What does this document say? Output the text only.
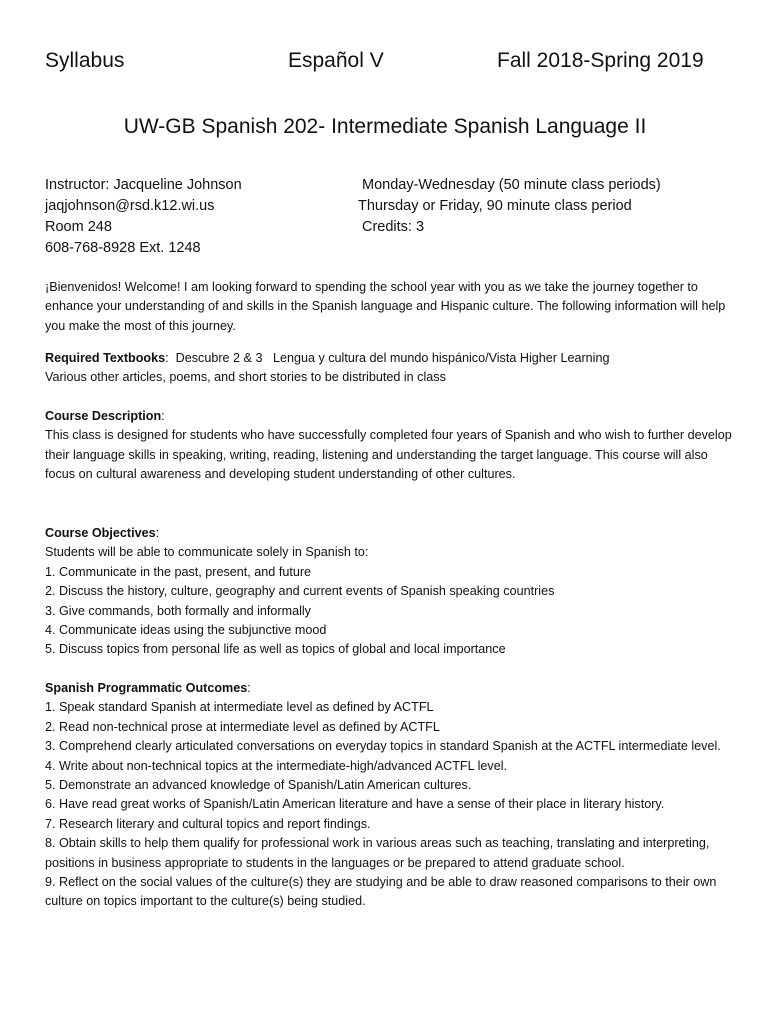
Syllabus	Español V	Fall 2018-Spring 2019
UW-GB Spanish 202- Intermediate Spanish Language II
Instructor: Jacqueline Johnson
jaqjohnson@rsd.k12.wi.us
Room 248
608-768-8928 Ext. 1248
Monday-Wednesday (50 minute class periods)
Thursday or Friday, 90 minute class period
Credits: 3

¡Bienvenidos! Welcome! I am looking forward to spending the school year with you as we take the journey together to enhance your understanding of and skills in the Spanish language and Hispanic culture. The following information will help you make the most of this journey.

Required Textbooks:  Descubre 2 & 3   Lengua y cultura del mundo hispánico/Vista Higher Learning

Various other articles, poems, and short stories to be distributed in class

Course Description:

This class is designed for students who have successfully completed four years of Spanish and who wish to further develop their language skills in speaking, writing, reading, listening and understanding the target language. This course will also focus on cultural awareness and developing student understanding of other cultures.

Course Objectives:

Students will be able to communicate solely in Spanish to:

1. Communicate in the past, present, and future

2. Discuss the history, culture, geography and current events of Spanish speaking countries

3. Give commands, both formally and informally

4. Communicate ideas using the subjunctive mood

5. Discuss topics from personal life as well as topics of global and local importance

Spanish Programmatic Outcomes:

1. Speak standard Spanish at intermediate level as defined by ACTFL

2. Read non-technical prose at intermediate level as defined by ACTFL

3. Comprehend clearly articulated conversations on everyday topics in standard Spanish at the ACTFL intermediate level.

4. Write about non-technical topics at the intermediate-high/advanced ACTFL level.

5. Demonstrate an advanced knowledge of Spanish/Latin American cultures.

6. Have read great works of Spanish/Latin American literature and have a sense of their place in literary history.

7. Research literary and cultural topics and report findings.

8. Obtain skills to help them qualify for professional work in various areas such as teaching, translating and interpreting, positions in business appropriate to students in the languages or be prepared to attend graduate school.

9. Reflect on the social values of the culture(s) they are studying and be able to draw reasoned comparisons to their own culture on topics important to the culture(s) being studied.
